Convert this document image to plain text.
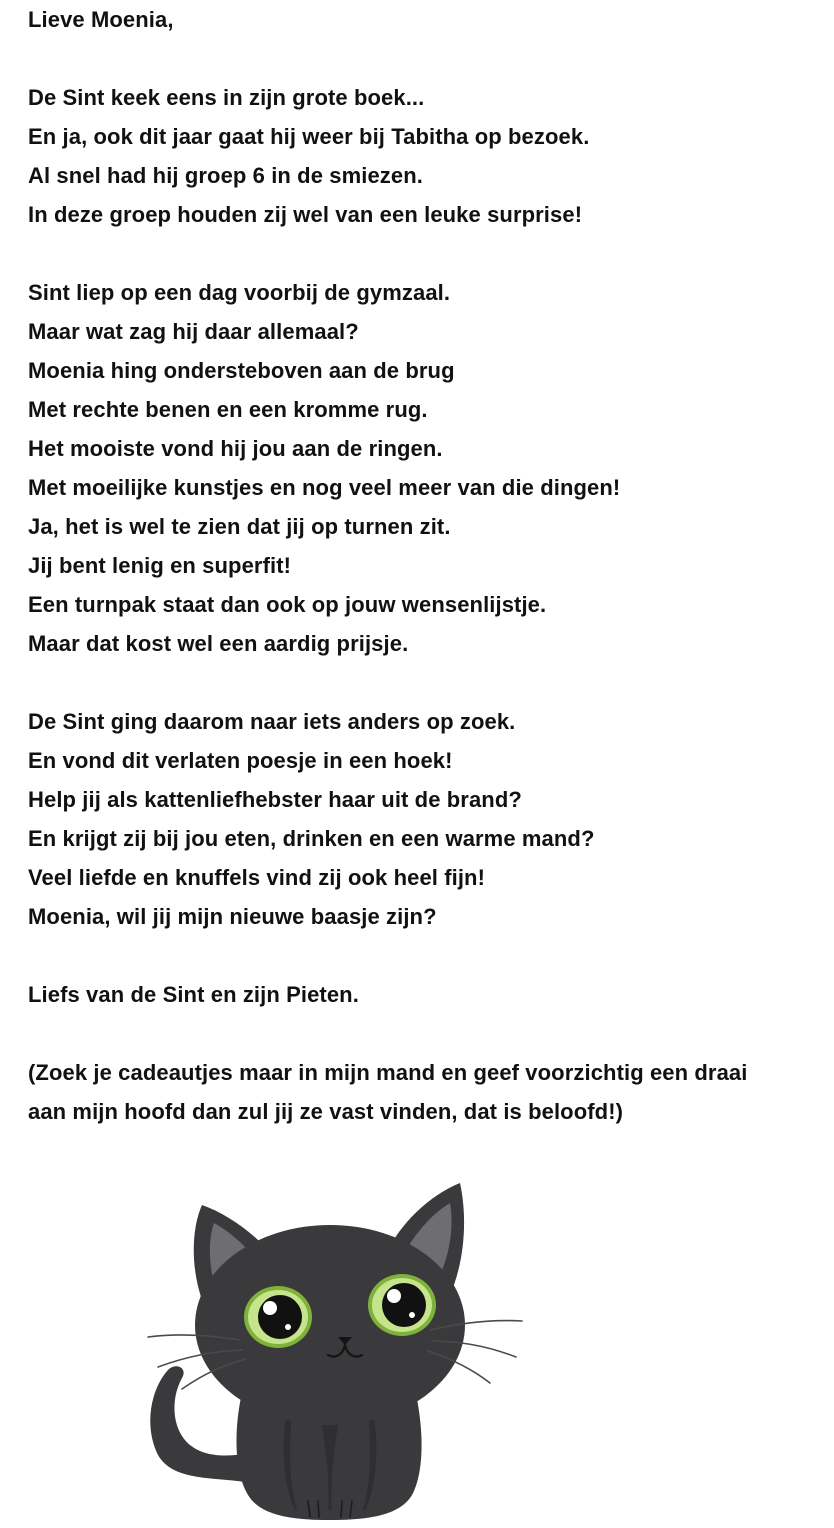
Lieve Moenia,
De Sint keek eens in zijn grote boek...
En ja, ook dit jaar gaat hij weer bij Tabitha op bezoek.
Al snel had hij groep 6 in de smiezen.
In deze groep houden zij wel van een leuke surprise!
Sint liep op een dag voorbij de gymzaal.
Maar wat zag hij daar allemaal?
Moenia hing ondersteboven aan de brug
Met rechte benen en een kromme rug.
Het mooiste vond hij jou aan de ringen.
Met moeilijke kunstjes en nog veel meer van die dingen!
Ja, het is wel te zien dat jij op turnen zit.
Jij bent lenig en superfit!
Een turnpak staat dan ook op jouw wensenlijstje.
Maar dat kost wel een aardig prijsje.
De Sint ging daarom naar iets anders op zoek.
En vond dit verlaten poesje in een hoek!
Help jij als kattenliefhebster haar uit de brand?
En krijgt zij bij jou eten, drinken en een warme mand?
Veel liefde en knuffels vind zij ook heel fijn!
Moenia, wil jij mijn nieuwe baasje zijn?
Liefs van de Sint en zijn Pieten.
(Zoek je cadeautjes maar in mijn mand en geef voorzichtig een draai
aan mijn hoofd dan zul jij ze vast vinden, dat is beloofd!)
